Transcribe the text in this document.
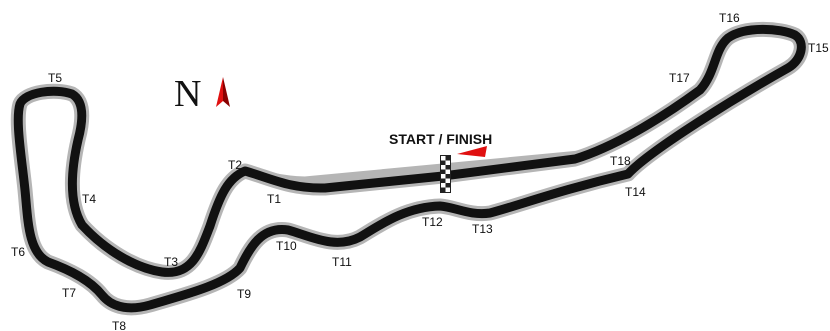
START / FINISH
N
T1
T2
T3
T4
T5
T6
T7
T8
T9
T10
T11
T12 T13
T14
T15
T16
T17
T18
